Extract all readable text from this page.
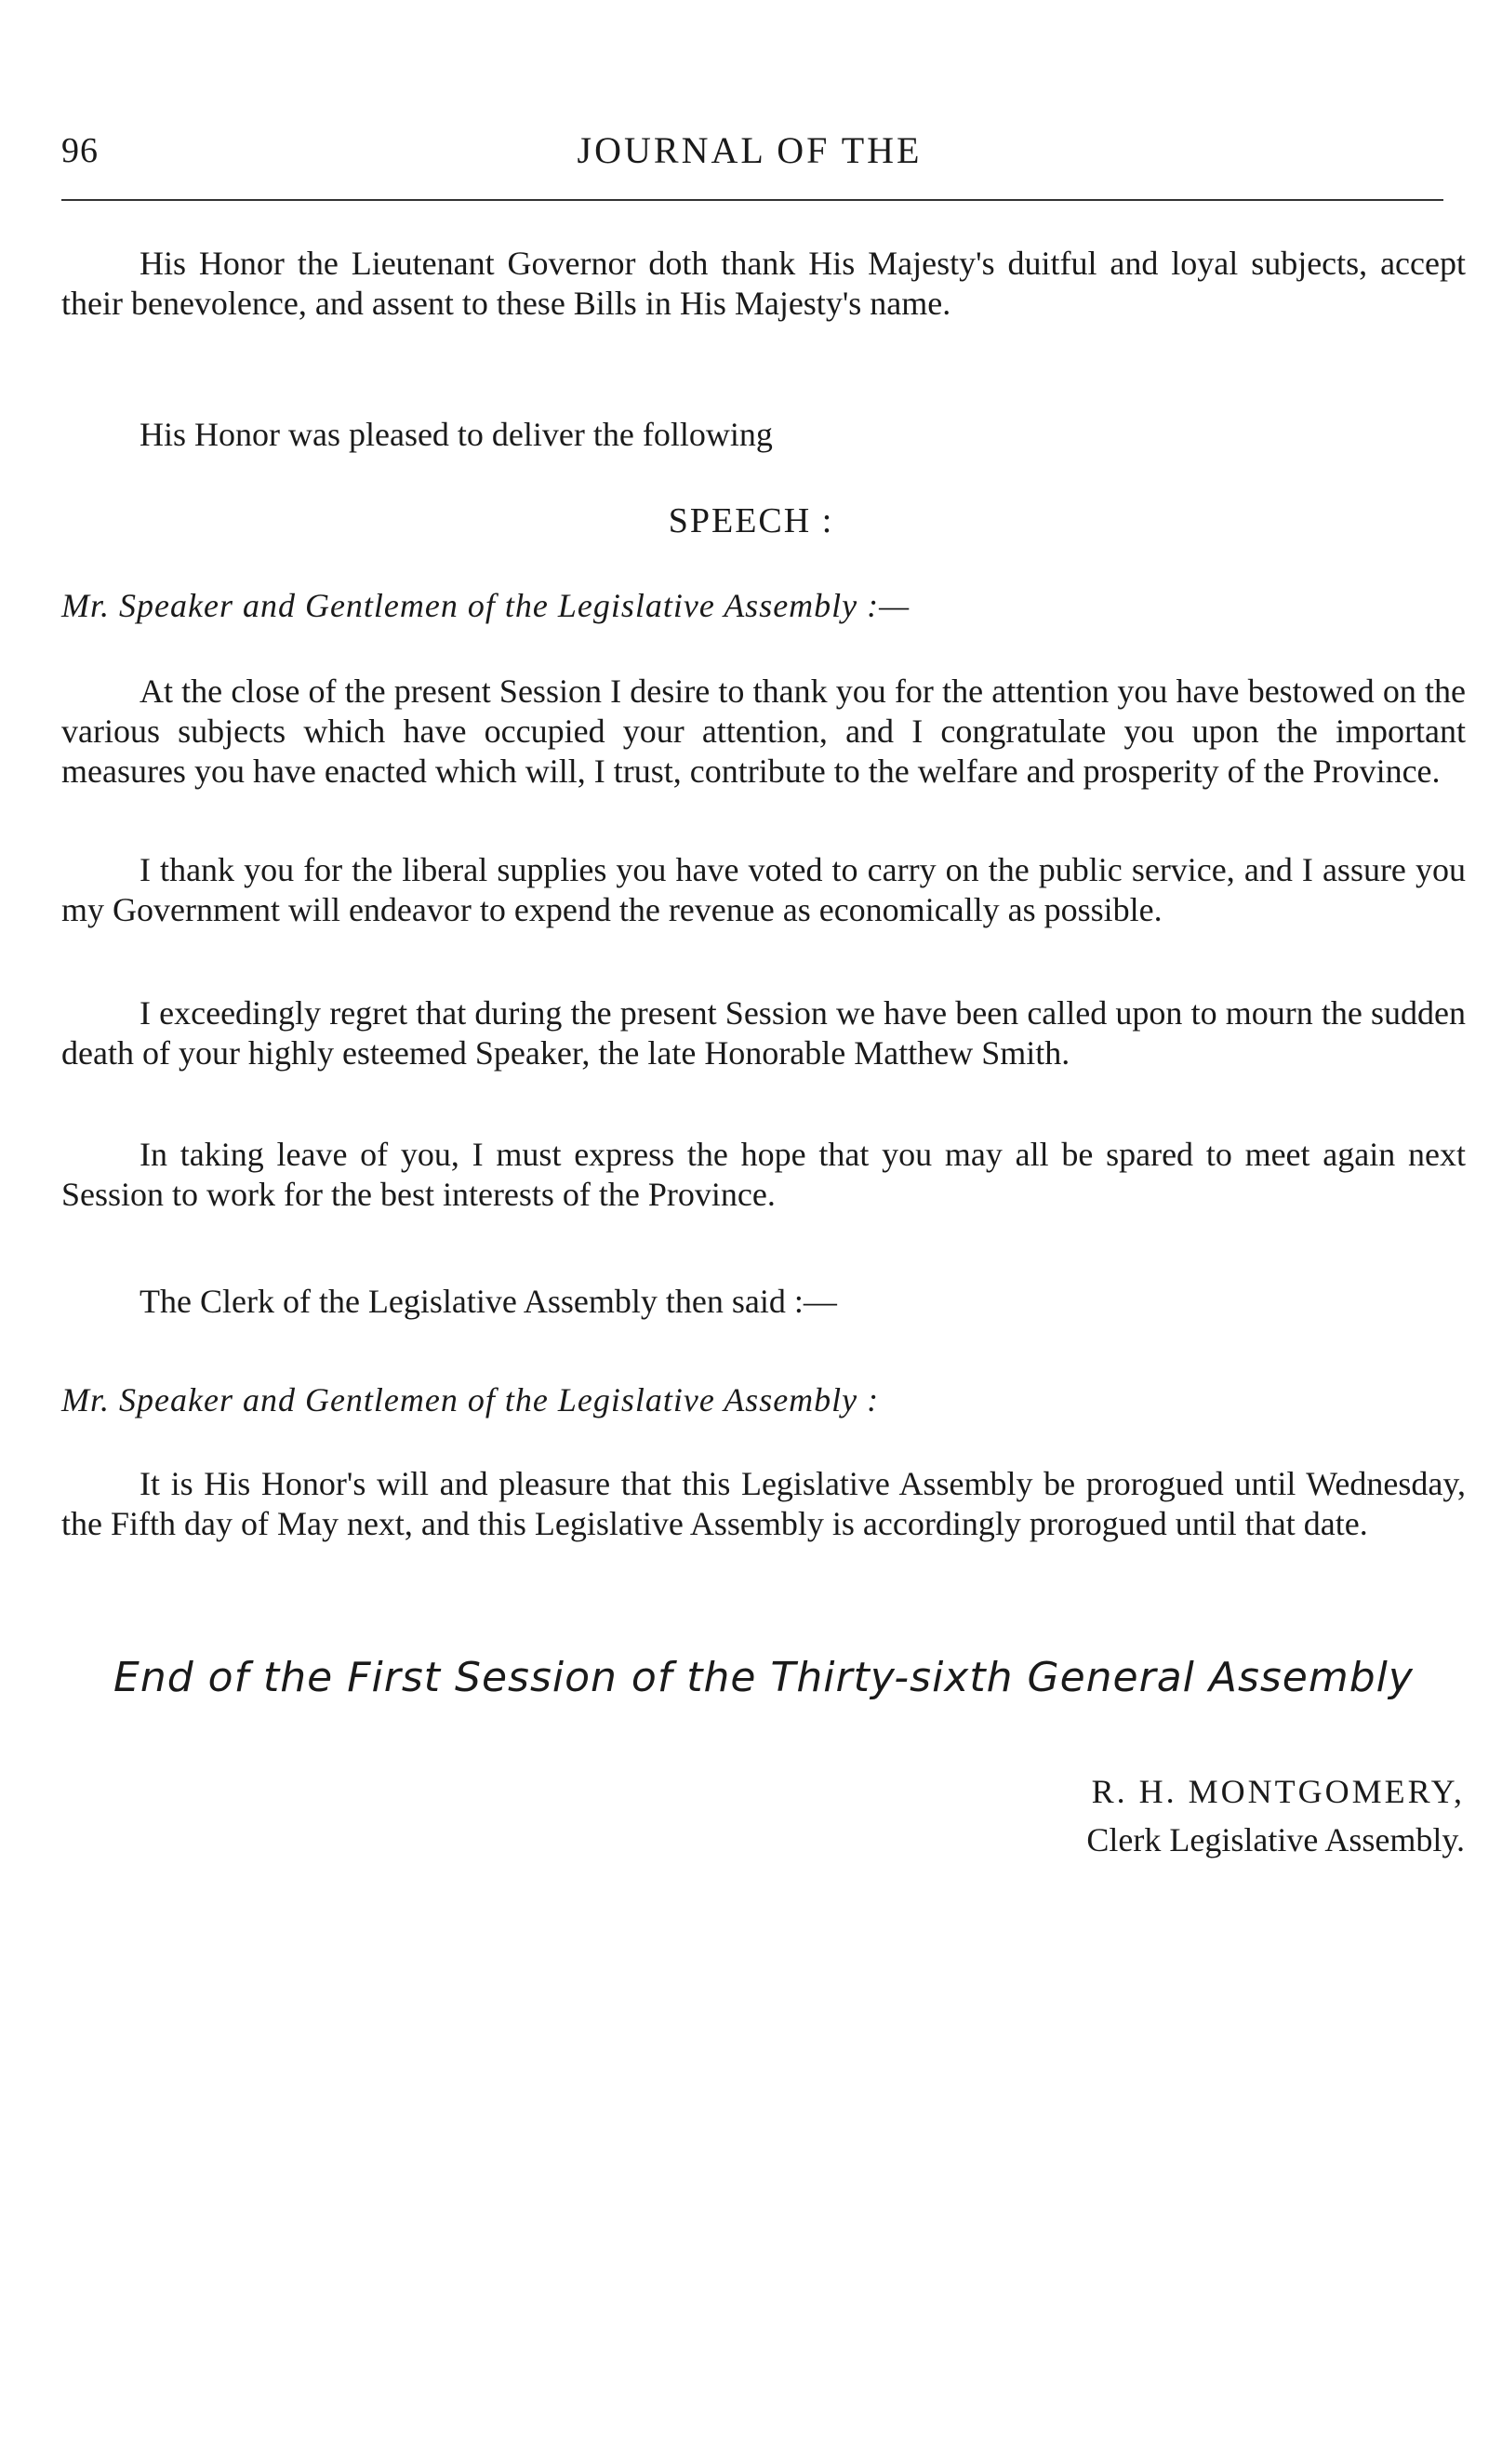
96	JOURNAL OF THE

His Honor the Lieutenant Governor doth thank His Majesty's duitful and loyal subjects, accept their benevolence, and assent to these Bills in His Majesty's name.

His Honor was pleased to deliver the following

SPEECH :
Mr. Speaker and Gentlemen of the Legislative Assembly :—

At the close of the present Session I desire to thank you for the attention you have bestowed on the various subjects which have occupied your attention, and I congratulate you upon the important measures you have enacted which will, I trust, contribute to the welfare and prosperity of the Province.

I thank you for the liberal supplies you have voted to carry on the public service, and I assure you my Government will endeavor to expend the revenue as economically as possible.

I exceedingly regret that during the present Session we have been called upon to mourn the sudden death of your highly esteemed Speaker, the late Honorable Matthew Smith.

In taking leave of you, I must express the hope that you may all be spared to meet again next Session to work for the best interests of the Province.

The Clerk of the Legislative Assembly then said :—

Mr. Speaker and Gentlemen of the Legislative Assembly :

It is His Honor's will and pleasure that this Legislative Assembly be prorogued until Wednesday, the Fifth day of May next, and this Legislative Assembly is accordingly prorogued until that date.

End of the First Session of the Thirty-sixth General Assembly
R. H. MONTGOMERY,
Clerk Legislative Assembly.
